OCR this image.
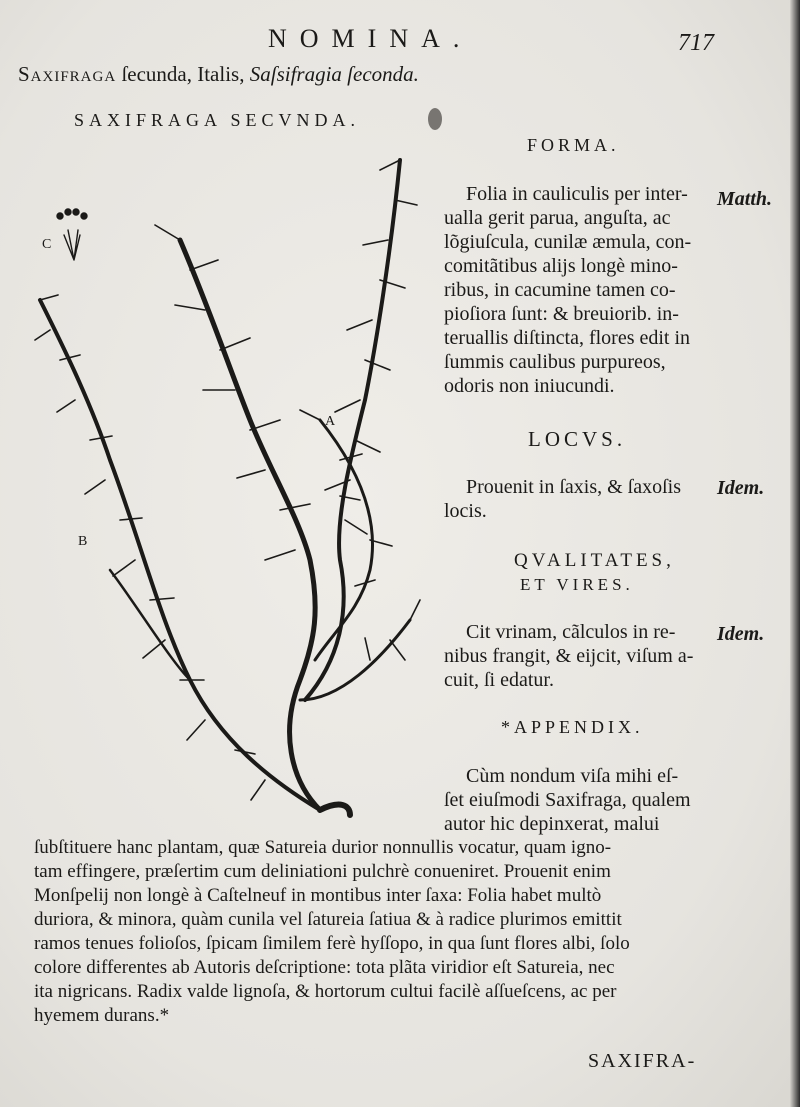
NOMINA.	717
Saxifraga ſecunda, Italis, Saſsifragia ſeconda.
SAXIFRAGA SECVNDA.
A
B
C
FORMA.
Matth.
Folia in cauliculis per inter-
ualla gerit parua, anguſta, ac
lõgiuſcula, cunilæ æmula, con-
comitãtibus alijs longè mino-
ribus, in cacumine tamen co-
pioſiora ſunt: & breuiorib. in-
teruallis diſtincta, flores edit in
ſummis caulibus purpureos,
odoris non iniucundi.
LOCVS.
Idem.
Prouenit in ſaxis, & ſaxoſis
locis.
QVALITATES,
ET VIRES.
Idem.
Cit vrinam, cãlculos in re-
nibus frangit, & eijcit, viſum a-
cuit, ſi edatur.
*APPENDIX.
Cùm nondum viſa mihi eſ-
ſet eiuſmodi Saxifraga, qualem
autor hic depinxerat, malui
ſubſtituere hanc plantam, quæ Satureia durior nonnullis vocatur, quam igno-
tam effingere, præſertim cum deliniationi pulchrè conueniret. Prouenit enim
Monſpelij non longè à Caſtelneuf in montibus inter ſaxa: Folia habet multò
duriora, & minora, quàm cunila vel ſatureia ſatiua & à radice plurimos emittit
ramos tenues folioſos, ſpicam ſimilem ferè hyſſopo, in qua ſunt flores albi, ſolo
colore differentes ab Autoris deſcriptione: tota plãta viridior eſt Satureia, nec
ita nigricans. Radix valde lignoſa, & hortorum cultui facilè aſſueſcens, ac per
hyemem durans.*
SAXIFRA-
